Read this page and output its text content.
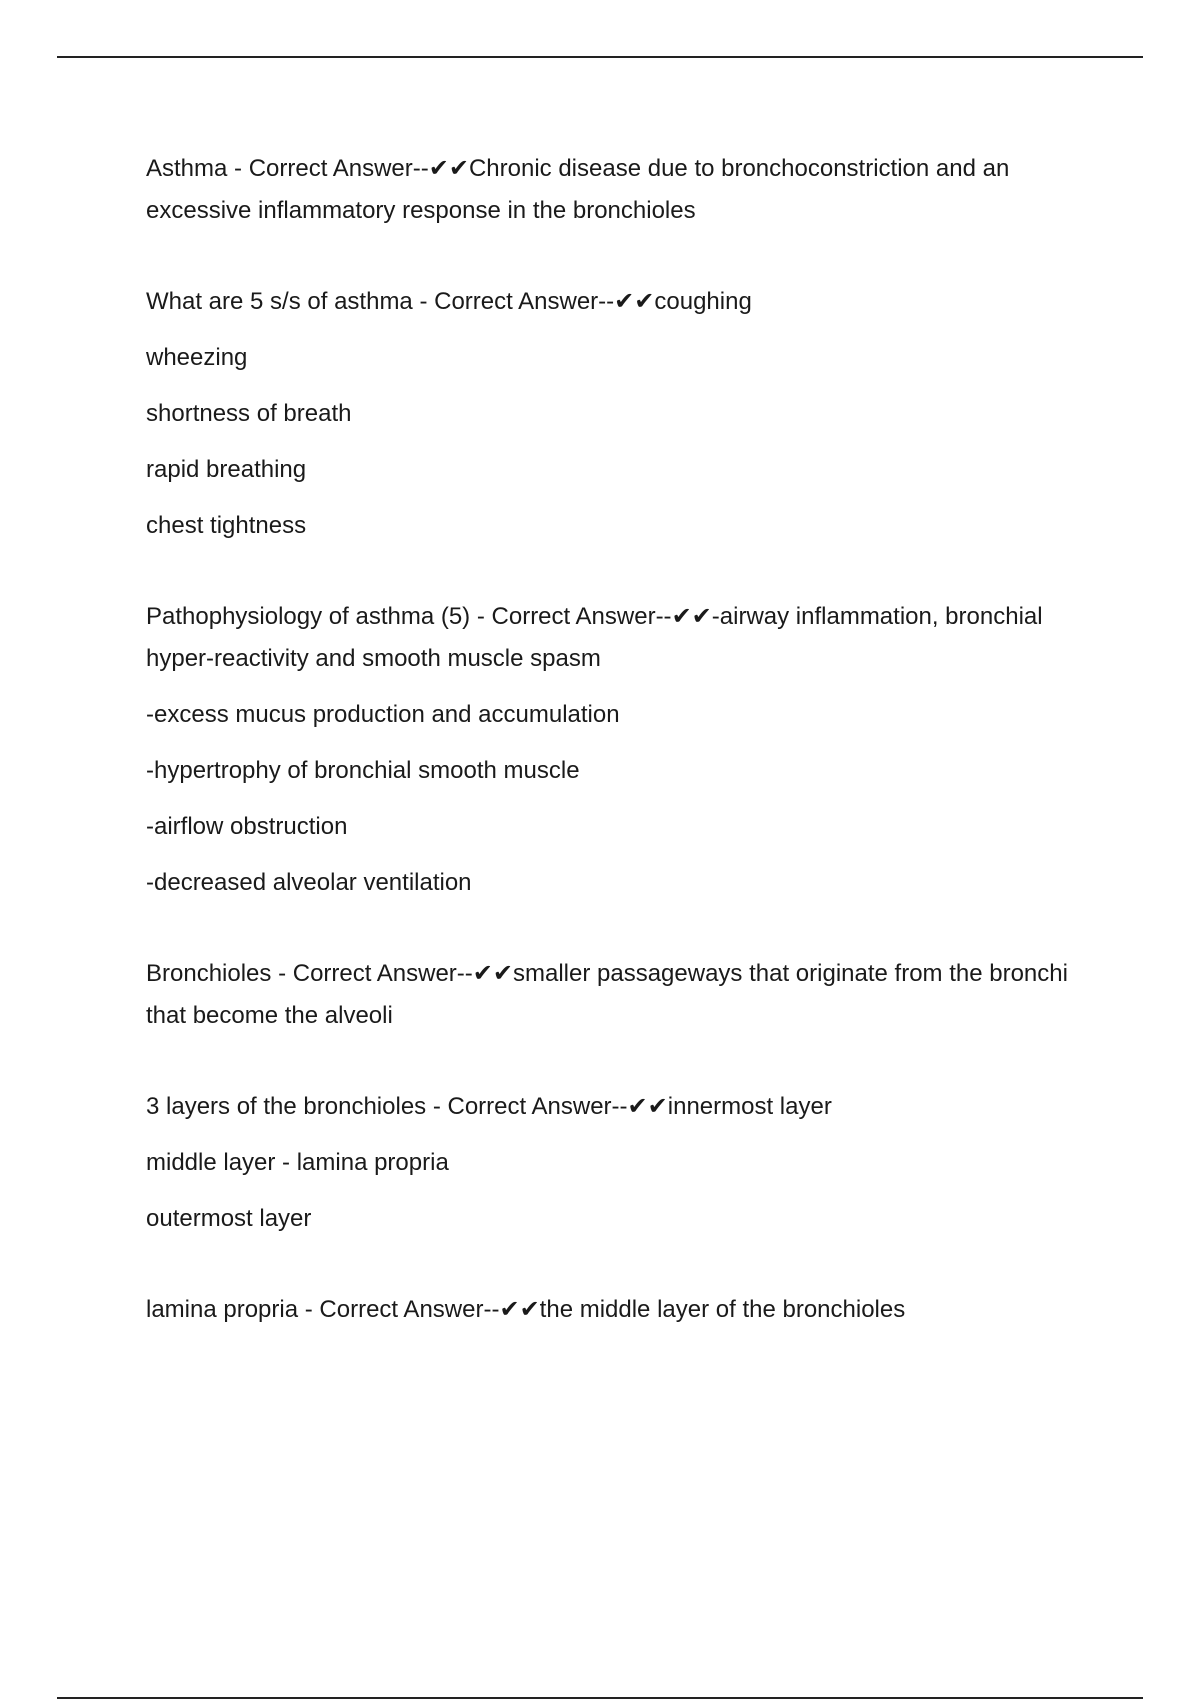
Asthma - Correct Answer--✔✔Chronic disease due to bronchoconstriction and an excessive inflammatory response in the bronchioles

What are 5 s/s of asthma - Correct Answer--✔✔coughing

wheezing

shortness of breath

rapid breathing

chest tightness

Pathophysiology of asthma (5) - Correct Answer--✔✔-airway inflammation, bronchial hyper-reactivity and smooth muscle spasm

-excess mucus production and accumulation

-hypertrophy of bronchial smooth muscle

-airflow obstruction

-decreased alveolar ventilation

Bronchioles - Correct Answer--✔✔smaller passageways that originate from the bronchi that become the alveoli

3 layers of the bronchioles - Correct Answer--✔✔innermost layer

middle layer - lamina propria

outermost layer

lamina propria - Correct Answer--✔✔the middle layer of the bronchioles
